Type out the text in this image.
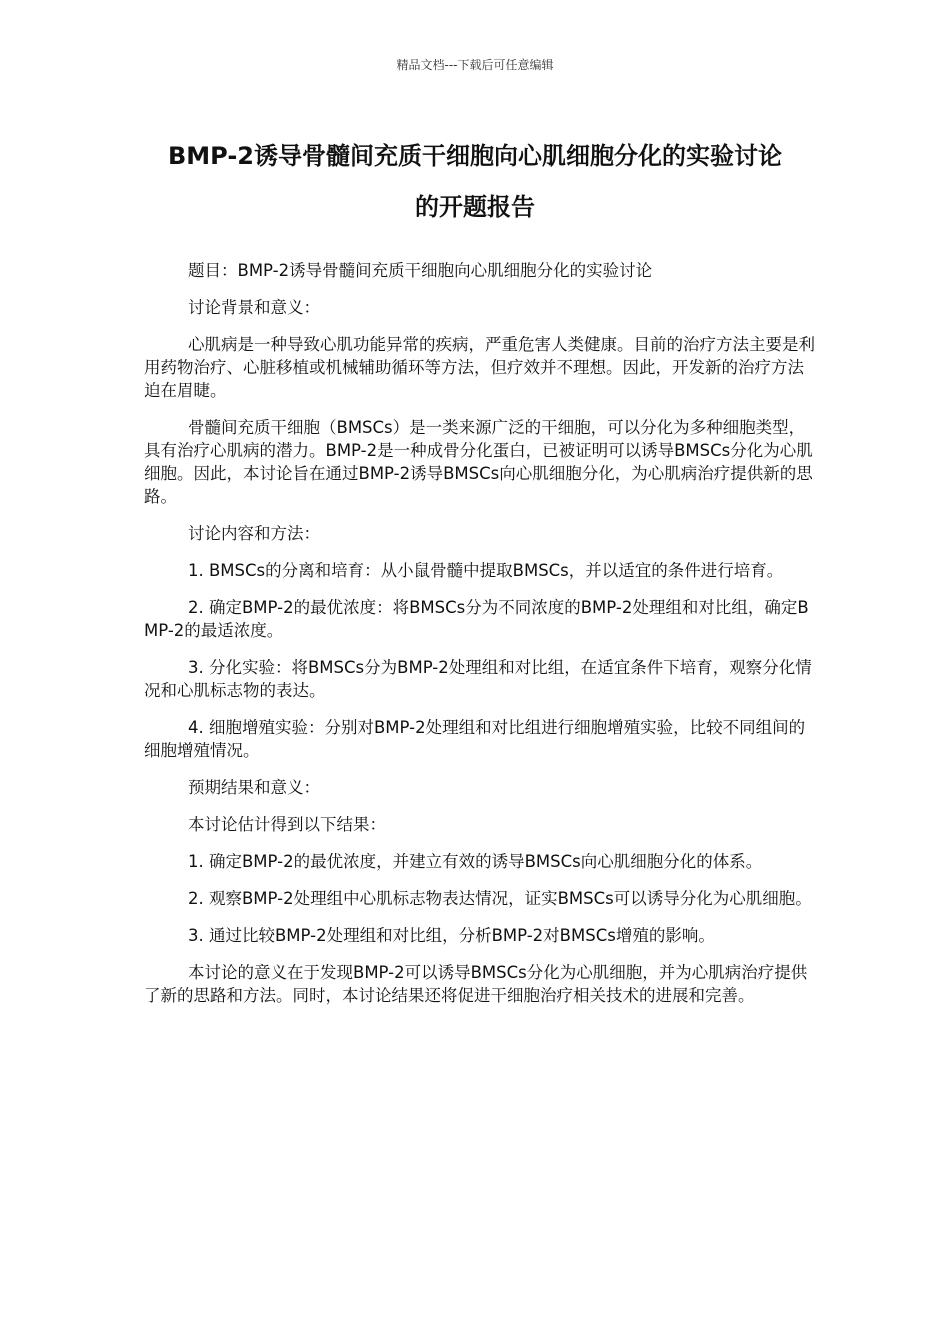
精品文档---下载后可任意编辑
BMP-2诱导骨髓间充质干细胞向心肌细胞分化的实验讨论
的开题报告

题目：BMP-2诱导骨髓间充质干细胞向心肌细胞分化的实验讨论

讨论背景和意义：

心肌病是一种导致心肌功能异常的疾病，严重危害人类健康。目前的治疗方法主要是利用药物治疗、心脏移植或机械辅助循环等方法，但疗效并不理想。因此，开发新的治疗方法迫在眉睫。

骨髓间充质干细胞（BMSCs）是一类来源广泛的干细胞，可以分化为多种细胞类型，具有治疗心肌病的潜力。BMP-2是一种成骨分化蛋白，已被证明可以诱导BMSCs分化为心肌细胞。因此，本讨论旨在通过BMP-2诱导BMSCs向心肌细胞分化，为心肌病治疗提供新的思路。

讨论内容和方法：

1. BMSCs的分离和培育：从小鼠骨髓中提取BMSCs，并以适宜的条件进行培育。

2. 确定BMP-2的最优浓度：将BMSCs分为不同浓度的BMP-2处理组和对比组，确定BMP-2的最适浓度。

3. 分化实验：将BMSCs分为BMP-2处理组和对比组，在适宜条件下培育，观察分化情况和心肌标志物的表达。

4. 细胞增殖实验：分别对BMP-2处理组和对比组进行细胞增殖实验，比较不同组间的细胞增殖情况。

预期结果和意义：

本讨论估计得到以下结果：

1. 确定BMP-2的最优浓度，并建立有效的诱导BMSCs向心肌细胞分化的体系。

2. 观察BMP-2处理组中心肌标志物表达情况，证实BMSCs可以诱导分化为心肌细胞。

3. 通过比较BMP-2处理组和对比组，分析BMP-2对BMSCs增殖的影响。

本讨论的意义在于发现BMP-2可以诱导BMSCs分化为心肌细胞，并为心肌病治疗提供了新的思路和方法。同时，本讨论结果还将促进干细胞治疗相关技术的进展和完善。
